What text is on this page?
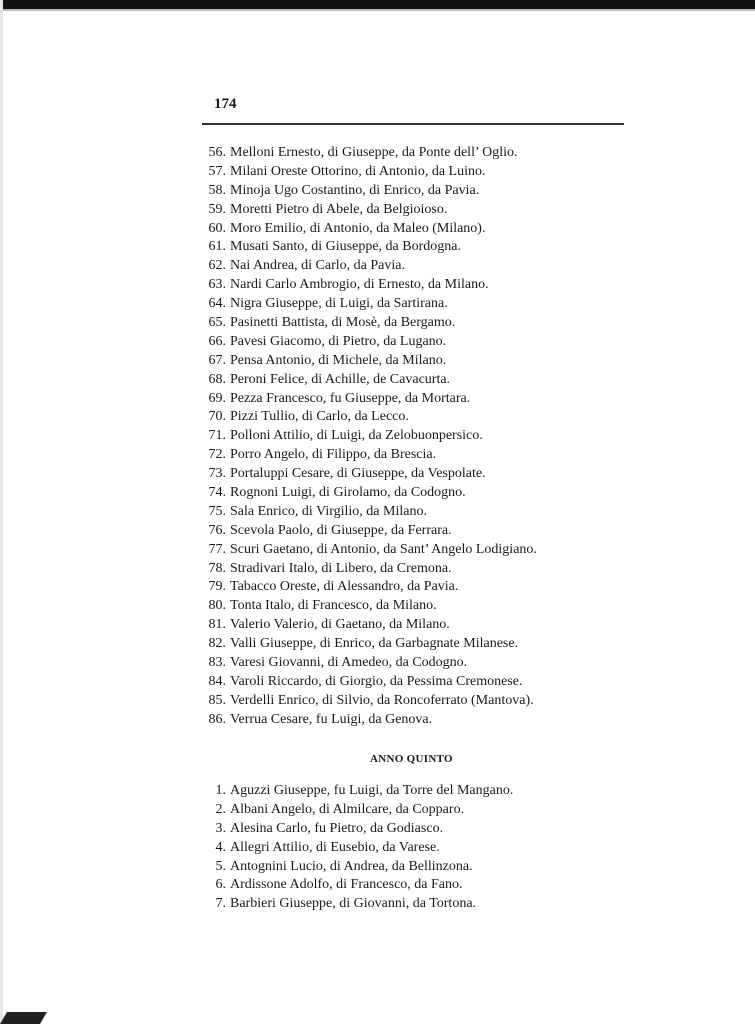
174
56. Melloni Ernesto, di Giuseppe, da Ponte dell’ Oglio.
57. Milani Oreste Ottorino, di Antonio, da Luino.
58. Minoja Ugo Costantino, di Enrico, da Pavia.
59. Moretti Pietro di Abele, da Belgioioso.
60. Moro Emilio, di Antonio, da Maleo (Milano).
61. Musati Santo, di Giuseppe, da Bordogna.
62. Nai Andrea, di Carlo, da Pavia.
63. Nardi Carlo Ambrogio, di Ernesto, da Milano.
64. Nigra Giuseppe, di Luigi, da Sartirana.
65. Pasinetti Battista, di Mosè, da Bergamo.
66. Pavesi Giacomo, di Pietro, da Lugano.
67. Pensa Antonio, di Michele, da Milano.
68. Peroni Felice, di Achille, de Cavacurta.
69. Pezza Francesco, fu Giuseppe, da Mortara.
70. Pizzi Tullio, di Carlo, da Lecco.
71. Polloni Attilio, di Luigi, da Zelobuonpersico.
72. Porro Angelo, di Filippo, da Brescia.
73. Portaluppi Cesare, di Giuseppe, da Vespolate.
74. Rognoni Luigi, di Girolamo, da Codogno.
75. Sala Enrico, di Virgilio, da Milano.
76. Scevola Paolo, di Giuseppe, da Ferrara.
77. Scuri Gaetano, di Antonio, da Sant’ Angelo Lodigiano.
78. Stradivari Italo, di Libero, da Cremona.
79. Tabacco Oreste, di Alessandro, da Pavia.
80. Tonta Italo, di Francesco, da Milano.
81. Valerio Valerio, di Gaetano, da Milano.
82. Valli Giuseppe, di Enrico, da Garbagnate Milanese.
83. Varesi Giovanni, di Amedeo, da Codogno.
84. Varoli Riccardo, di Giorgio, da Pessima Cremonese.
85. Verdelli Enrico, di Silvio, da Roncoferrato (Mantova).
86. Verrua Cesare, fu Luigi, da Genova.
ANNO QUINTO
1. Aguzzi Giuseppe, fu Luigi, da Torre del Mangano.
2. Albani Angelo, di Almilcare, da Copparo.
3. Alesina Carlo, fu Pietro, da Godiasco.
4. Allegri Attilio, di Eusebio, da Varese.
5. Antognini Lucio, di Andrea, da Bellinzona.
6. Ardissone Adolfo, di Francesco, da Fano.
7. Barbieri Giuseppe, di Giovanni, da Tortona.
